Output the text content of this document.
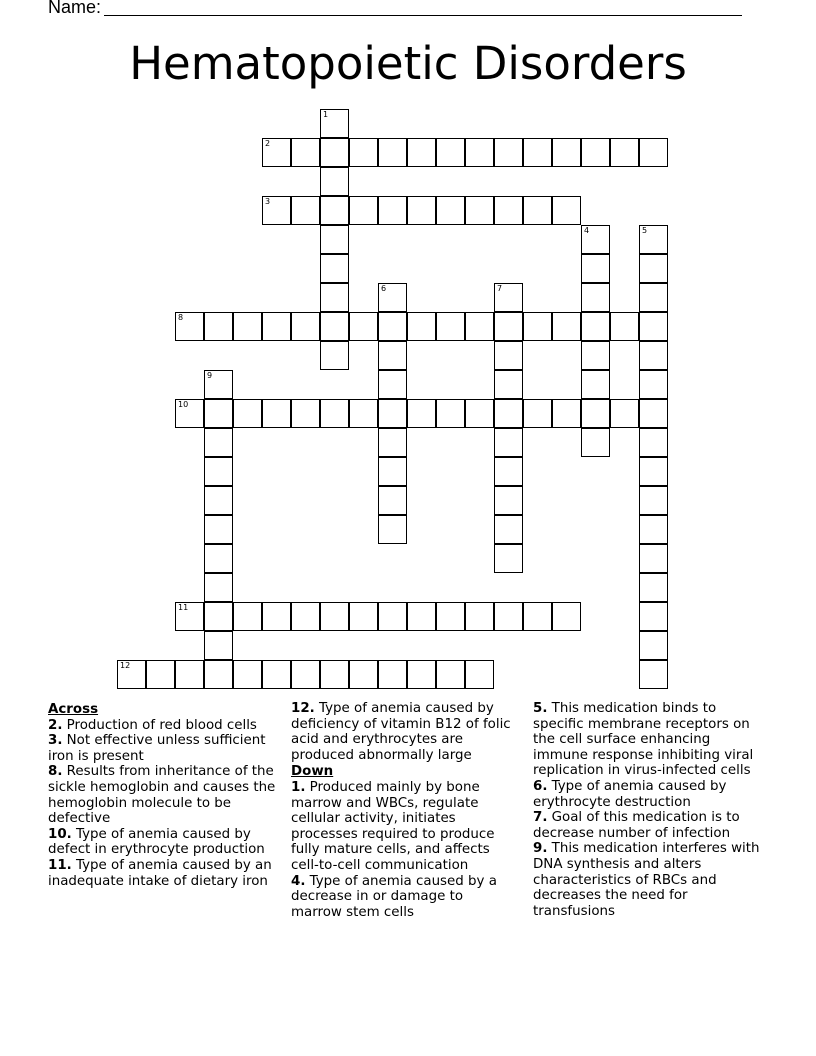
Name:
Hematopoietic Disorders
1
2
3
4	5
6	7
8
9
10
11
12
Across
2. Production of red blood cells
3. Not effective unless sufficient iron is present
8. Results from inheritance of the sickle hemoglobin and causes the hemoglobin molecule to be defective
10. Type of anemia caused by defect in erythrocyte production
11. Type of anemia caused by an inadequate intake of dietary iron
12. Type of anemia caused by deficiency of vitamin B12 of folic acid and erythrocytes are produced abnormally large
Down
1. Produced mainly by bone marrow and WBCs, regulate cellular activity, initiates processes required to produce fully mature cells, and affects cell-to-cell communication
4. Type of anemia caused by a decrease in or damage to marrow stem cells
5. This medication binds to specific membrane receptors on the cell surface enhancing immune response inhibiting viral replication in virus-infected cells
6. Type of anemia caused by erythrocyte destruction
7. Goal of this medication is to decrease number of infection
9. This medication interferes with DNA synthesis and alters characteristics of RBCs and decreases the need for transfusions
